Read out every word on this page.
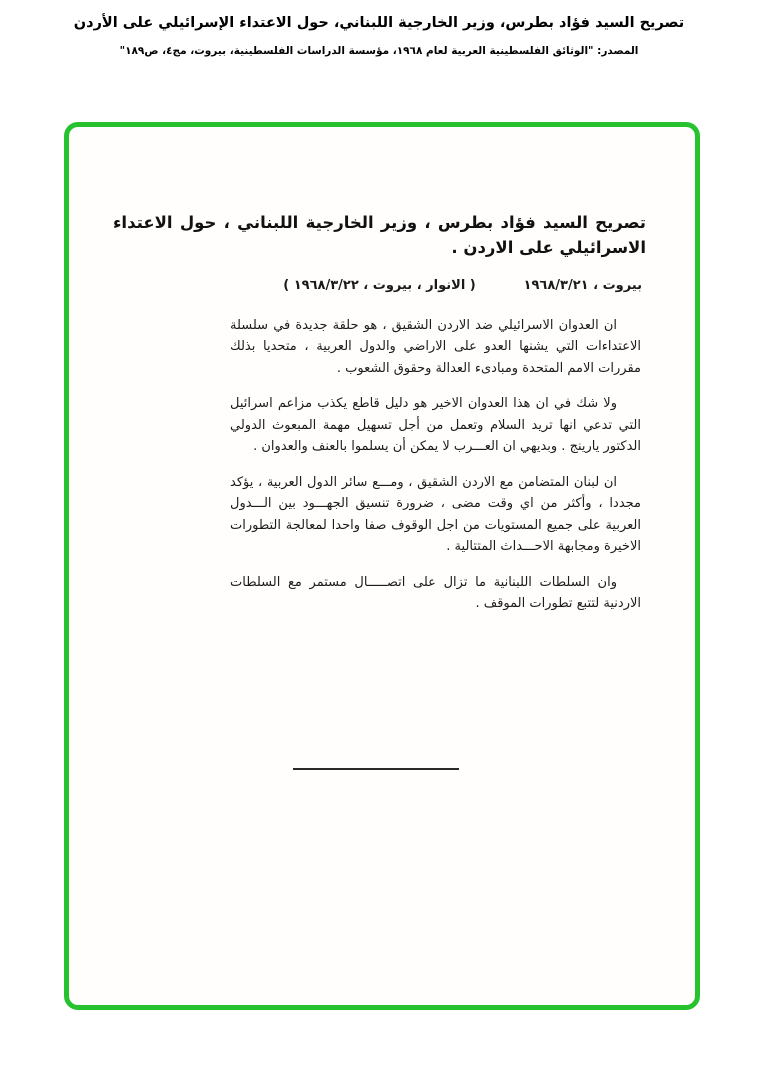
تصريح السيد فؤاد بطرس، وزير الخارجية اللبناني، حول الاعتداء الإسرائيلي على الأردن
المصدر: "الوثائق الفلسطينية العربية لعام ١٩٦٨، مؤسسة الدراسات الفلسطينية، بيروت، مج٤، ص١٨٩"
تصريح السيد فؤاد بطرس ، وزير الخارجية اللبناني ، حول الاعتداء الاسرائيلي على الاردن .
( الانوار ، بيروت ، ١٩٦٨/٣/٢٢ )	بيروت ، ١٩٦٨/٣/٢١

ان العدوان الاسرائيلي ضد الاردن الشقيق ، هو حلقة جديدة في سلسلة الاعتداءات التي يشنها العدو على الاراضي والدول العربية ، متحديا بذلك مقررات الامم المتحدة ومبادىء العدالة وحقوق الشعوب .

ولا شك في ان هذا العدوان الاخير هو دليل قاطع يكذب مزاعم اسرائيل التي تدعي انها تريد السلام وتعمل من أجل تسهيل مهمة المبعوث الدولي الدكتور يارينج . وبديهي ان العـــرب لا يمكن أن يسلموا بالعنف والعدوان .

ان لبنان المتضامن مع الاردن الشقيق ، ومـــع سائر الدول العربية ، يؤكد مجددا ، وأكثر من اي وقت مضى ، ضرورة تنسيق الجهـــود بين الـــدول العربية على جميع المستويات من اجل الوقوف صفا واحدا لمعالجة التطورات الاخيرة ومجابهة الاحـــداث المتتالية .

وان السلطات اللبنانية ما تزال على اتصـــــال مستمر مع السلطات الاردنية لتتبع تطورات الموقف .
